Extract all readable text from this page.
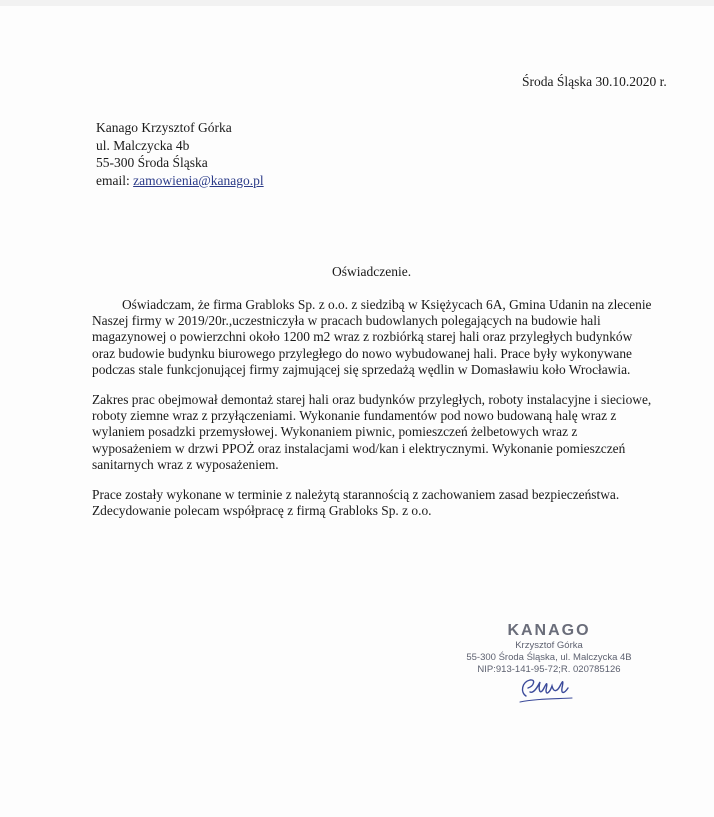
Środa Śląska 30.10.2020 r.
Kanago Krzysztof Górka
ul. Malczycka 4b
55-300 Środa Śląska
email: zamowienia@kanago.pl
Oświadczenie.

Oświadczam, że firma Grabloks Sp. z o.o. z siedzibą w Księżycach 6A, Gmina Udanin na zlecenie Naszej firmy w 2019/20r.,uczestniczyła w pracach budowlanych polegających na budowie hali magazynowej o powierzchni około 1200 m2 wraz z rozbiórką starej hali oraz przyległych budynków oraz budowie budynku biurowego przyległego do nowo wybudowanej hali. Prace były wykonywane podczas stale funkcjonującej firmy zajmującej się sprzedażą wędlin w Domasławiu koło Wrocławia.

Zakres prac obejmował demontaż starej hali oraz budynków przyległych, roboty instalacyjne i sieciowe, roboty ziemne wraz z przyłączeniami. Wykonanie fundamentów pod nowo budowaną halę wraz z wylaniem posadzki przemysłowej. Wykonaniem piwnic, pomieszczeń żelbetowych wraz z wyposażeniem w drzwi PPOŻ oraz instalacjami wod/kan i elektrycznymi. Wykonanie pomieszczeń sanitarnych wraz z wyposażeniem.

Prace zostały wykonane w terminie z należytą starannością z zachowaniem zasad bezpieczeństwa. Zdecydowanie polecam współpracę z firmą Grabloks Sp. z o.o.

KANAGO
Krzysztof Górka
55-300 Środa Śląska, ul. Malczycka 4B
NIP:913-141-95-72;R. 020785126
